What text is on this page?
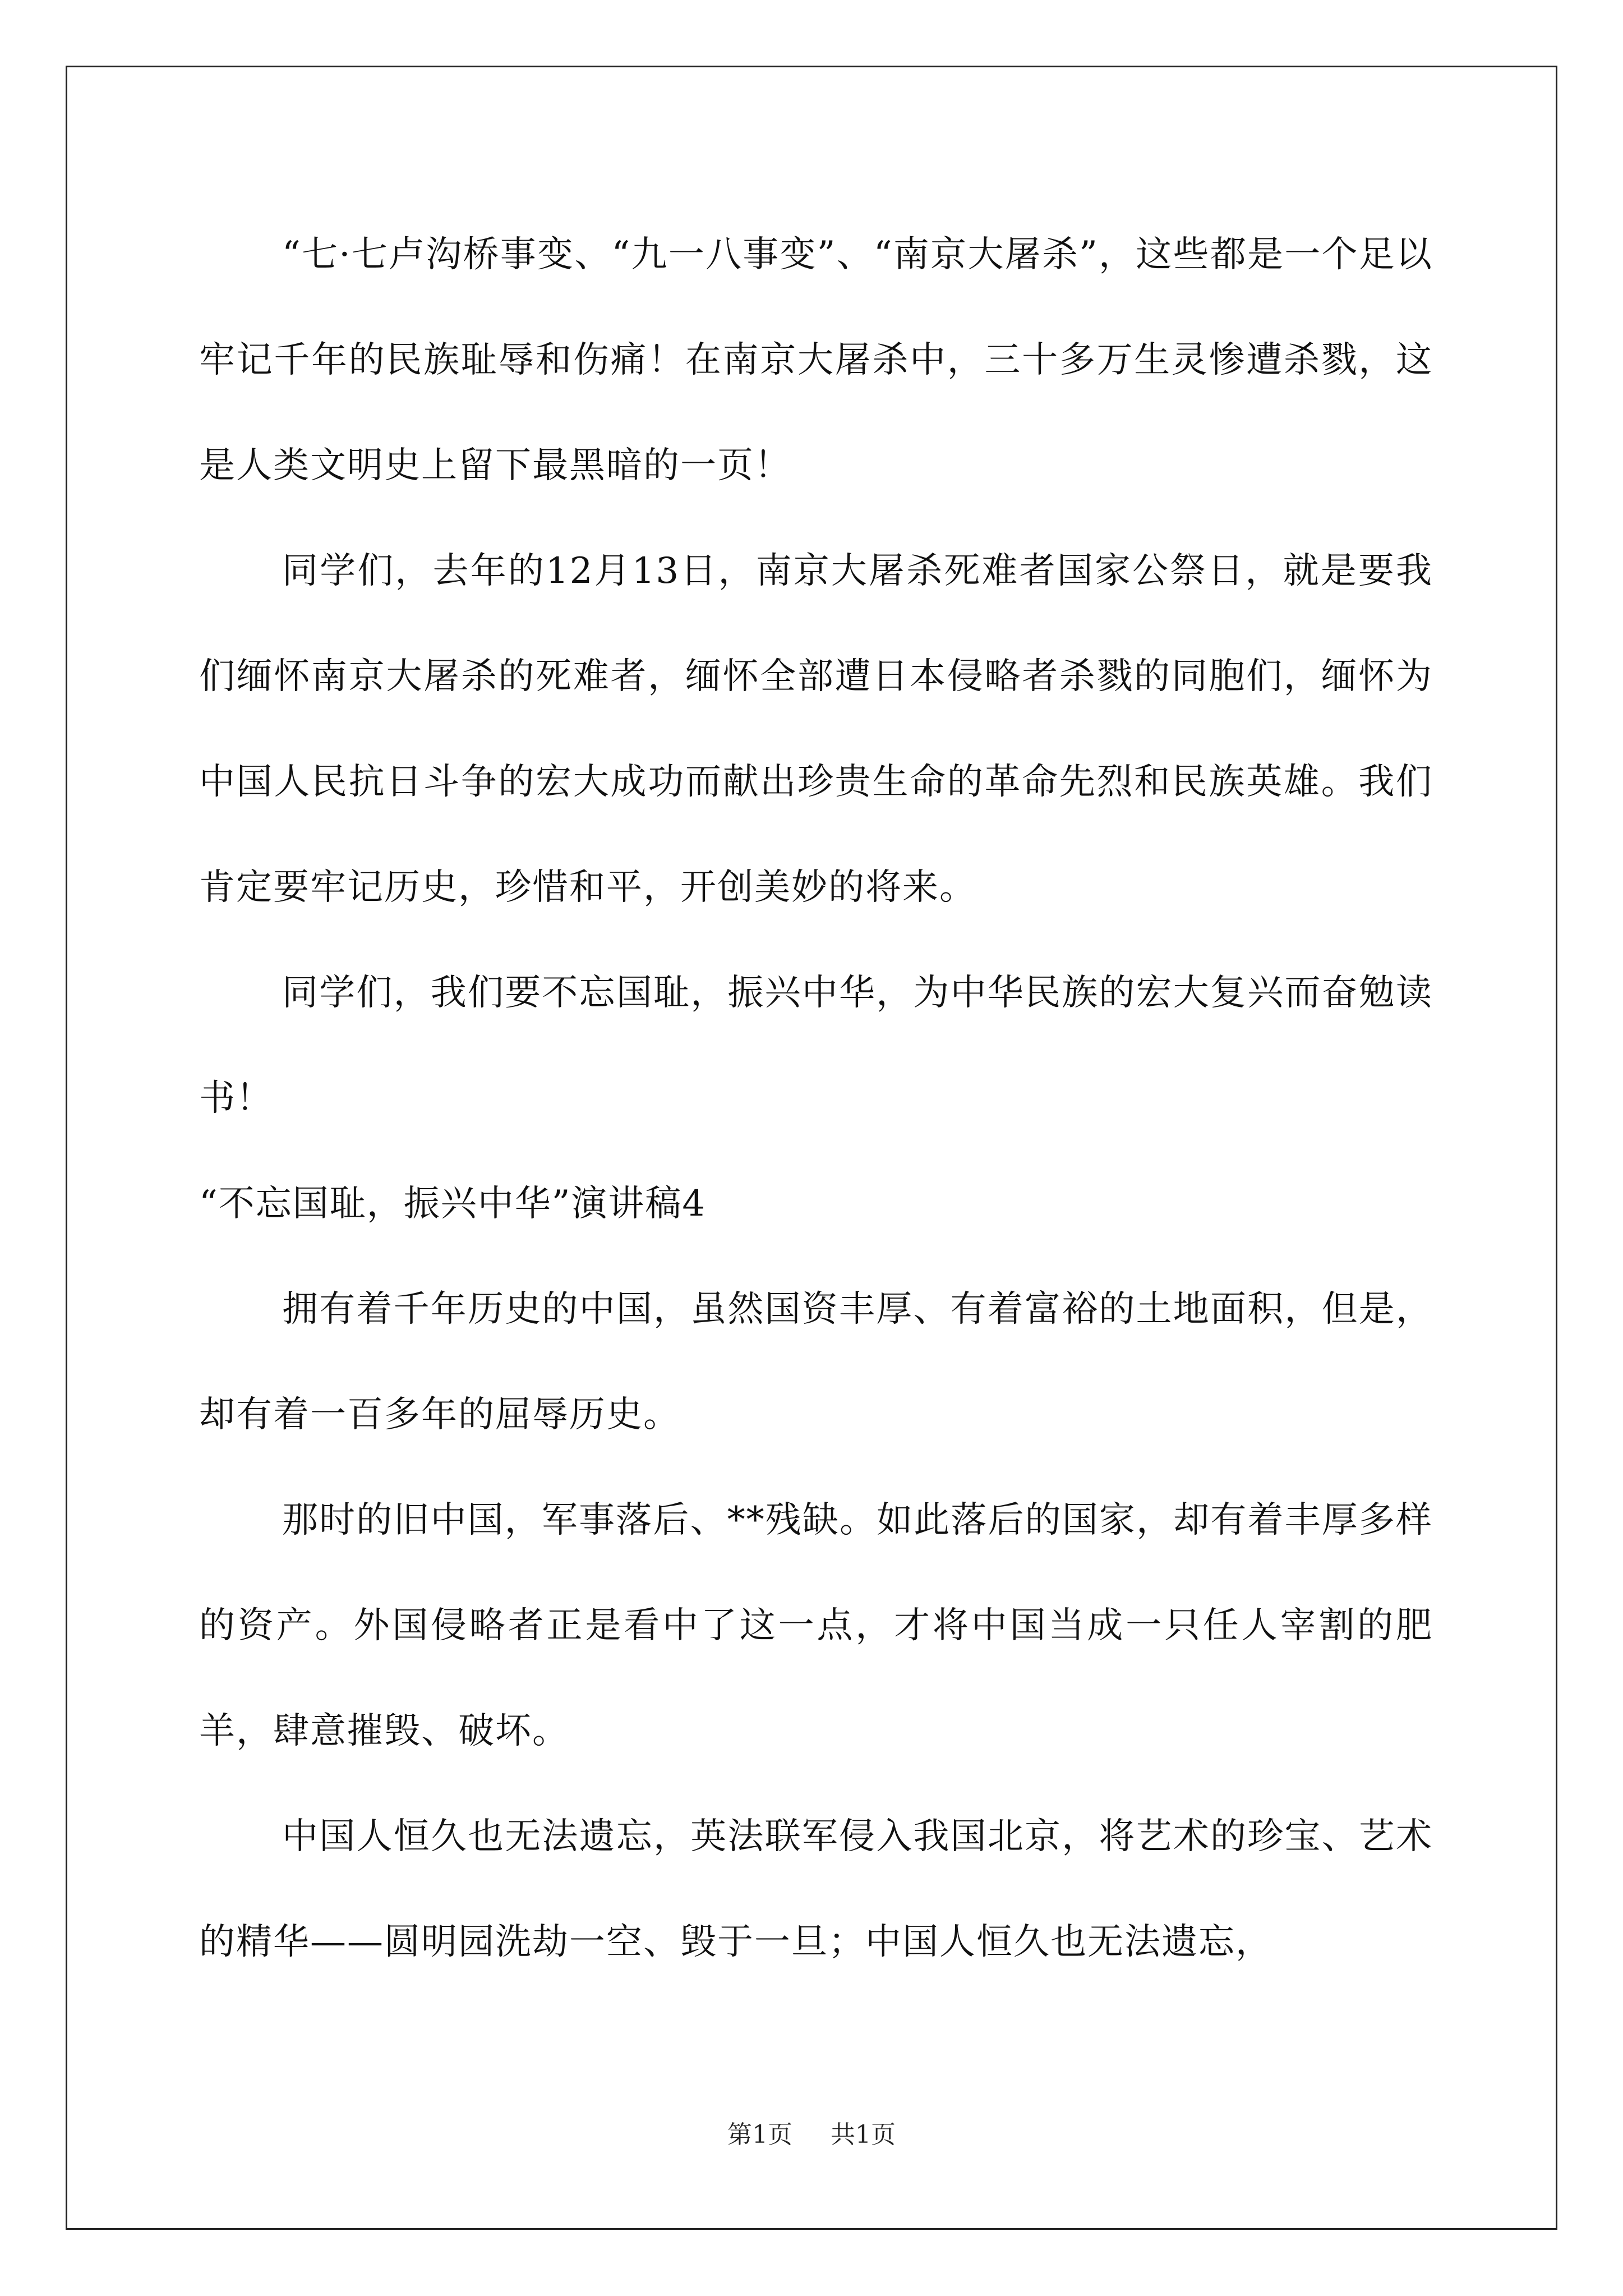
“七·七卢沟桥事变、“九一八事变”、“南京大屠杀”，这些都是一个足以牢记千年的民族耻辱和伤痛！在南京大屠杀中，三十多万生灵惨遭杀戮，这是人类文明史上留下最黑暗的一页！

同学们，去年的12月13日，南京大屠杀死难者国家公祭日，就是要我们缅怀南京大屠杀的死难者，缅怀全部遭日本侵略者杀戮的同胞们，缅怀为中国人民抗日斗争的宏大成功而献出珍贵生命的革命先烈和民族英雄。我们肯定要牢记历史，珍惜和平，开创美妙的将来。

同学们，我们要不忘国耻，振兴中华，为中华民族的宏大复兴而奋勉读书！

“不忘国耻，振兴中华”演讲稿4

拥有着千年历史的中国，虽然国资丰厚、有着富裕的土地面积，但是，却有着一百多年的屈辱历史。

那时的旧中国，军事落后、**残缺。如此落后的国家，却有着丰厚多样的资产。外国侵略者正是看中了这一点，才将中国当成一只任人宰割的肥羊，肆意摧毁、破坏。

中国人恒久也无法遗忘，英法联军侵入我国北京，将艺术的珍宝、艺术的精华——圆明园洗劫一空、毁于一旦；中国人恒久也无法遗忘，

第1页 共1页
